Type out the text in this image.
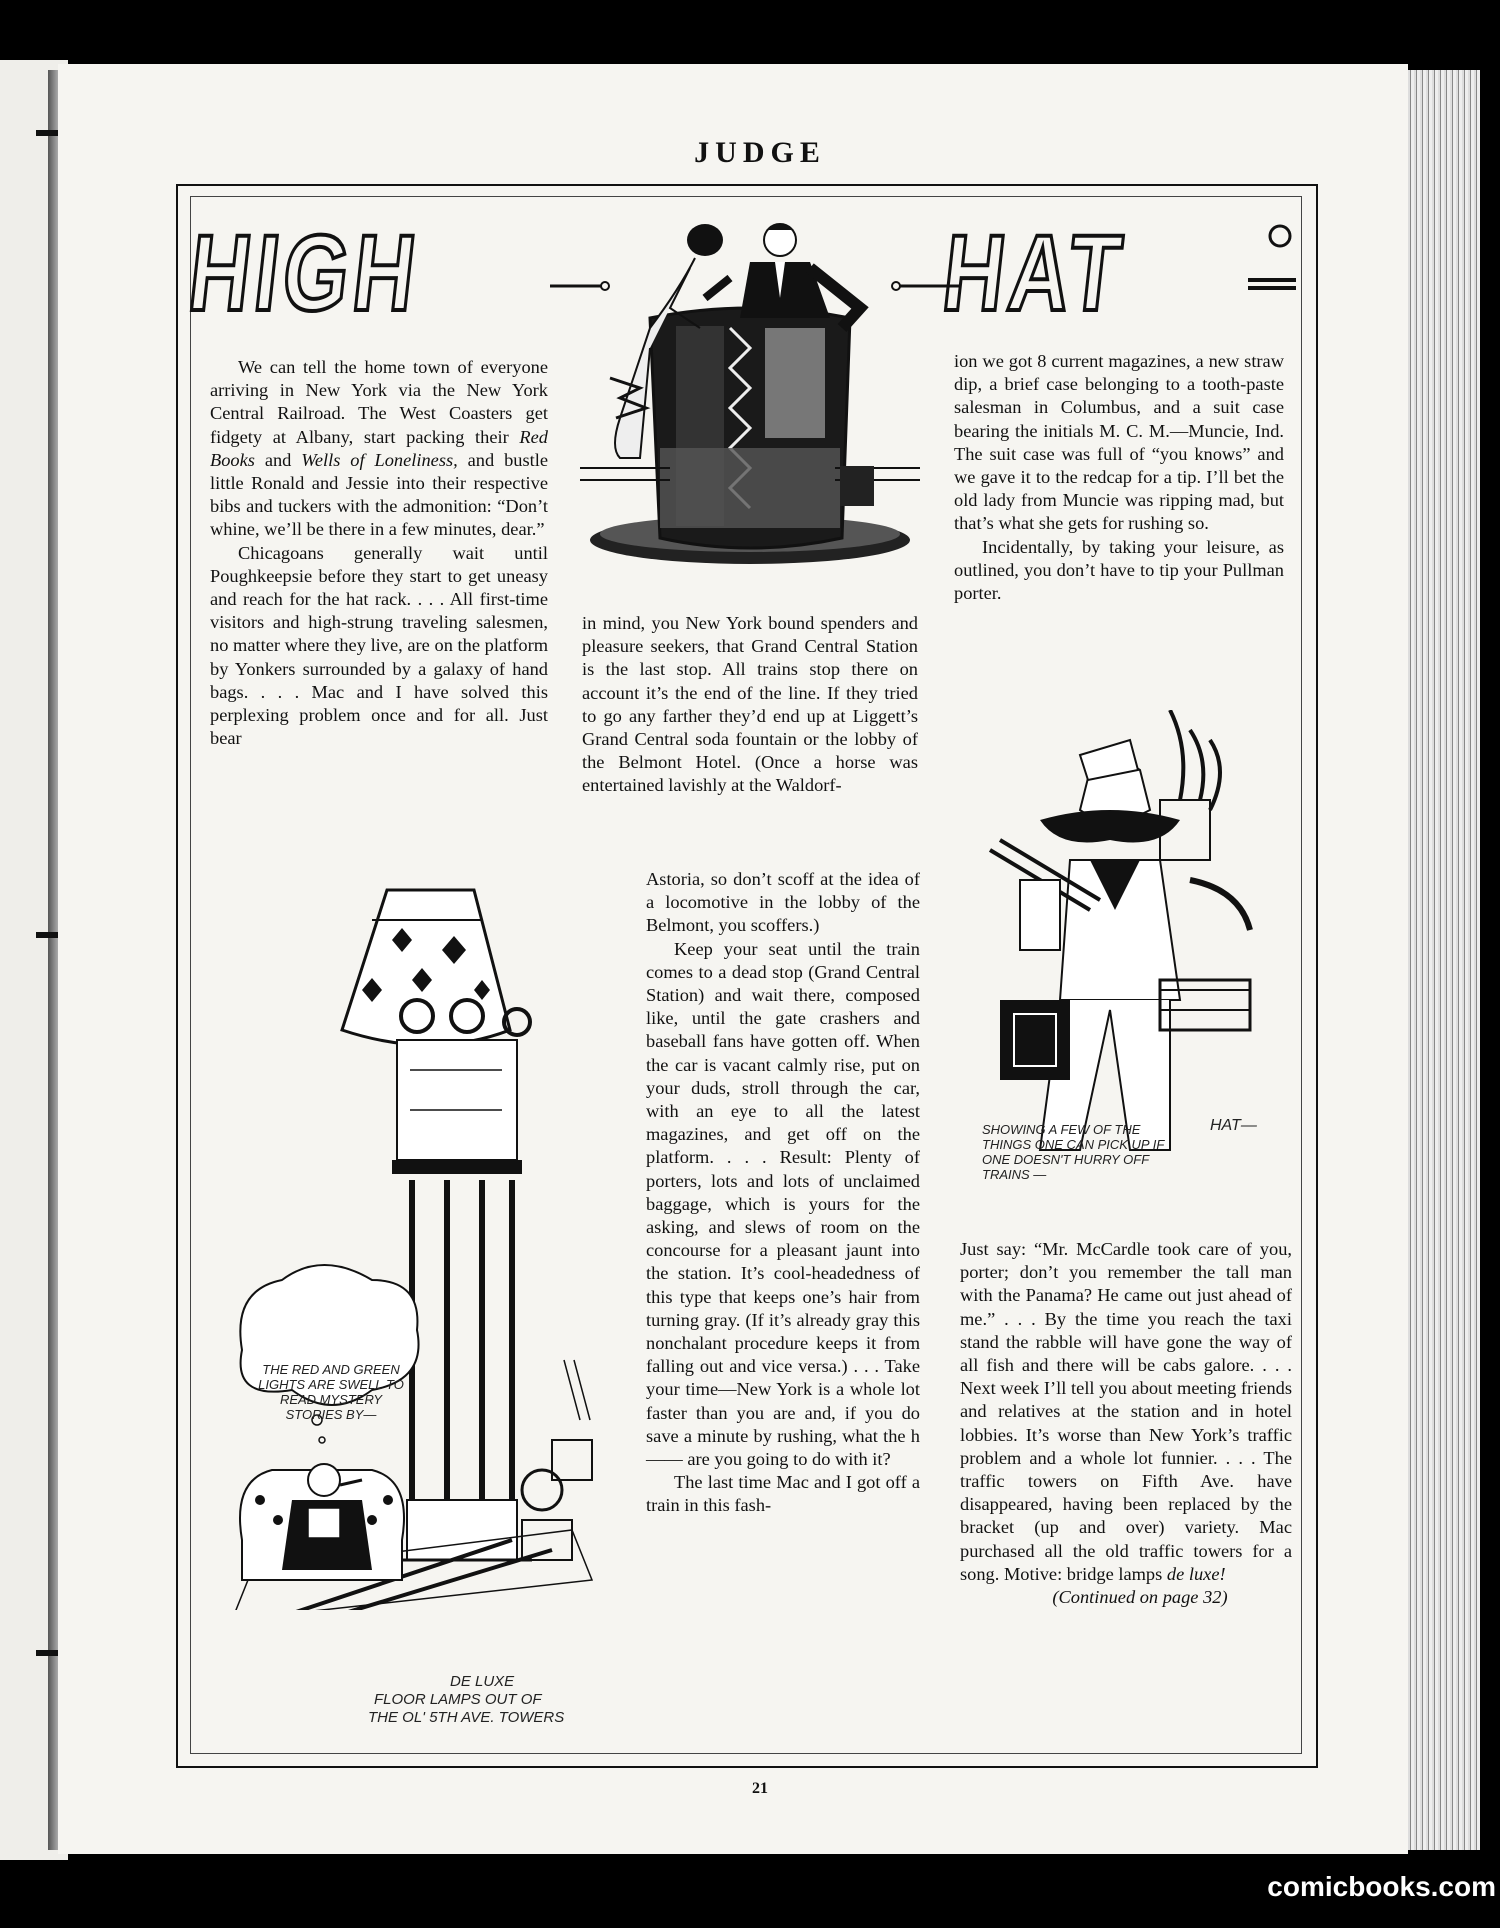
JUDGE
HIGH	HAT

We can tell the home town of everyone arriving in New York via the New York Central Railroad. The West Coasters get fidgety at Albany, start packing their Red Books and Wells of Loneliness, and bustle little Ronald and Jessie into their respective bibs and tuckers with the admonition: “Don’t whine, we’ll be there in a few minutes, dear.”

Chicagoans generally wait until Poughkeepsie before they start to get uneasy and reach for the hat rack. . . . All first-time visitors and high-strung traveling salesmen, no matter where they live, are on the platform by Yonkers surrounded by a galaxy of hand bags. . . . Mac and I have solved this perplexing problem once and for all. Just bear

in mind, you New York bound spenders and pleasure seekers, that Grand Central Station is the last stop. All trains stop there on account it’s the end of the line. If they tried to go any farther they’d end up at Liggett’s Grand Central soda fountain or the lobby of the Belmont Hotel. (Once a horse was entertained lavishly at the Waldorf-

Astoria, so don’t scoff at the idea of a locomotive in the lobby of the Belmont, you scoffers.)

Keep your seat until the train comes to a dead stop (Grand Central Station) and wait there, composed like, until the gate crashers and baseball fans have gotten off. When the car is vacant calmly rise, put on your duds, stroll through the car, with an eye to all the latest magazines, and get off on the platform. . . . Result: Plenty of porters, lots and lots of unclaimed baggage, which is yours for the asking, and slews of room on the concourse for a pleasant jaunt into the station. It’s cool-headedness of this type that keeps one’s hair from turning gray. (If it’s already gray this nonchalant procedure keeps it from falling out and vice versa.) . . . Take your time—New York is a whole lot faster than you are and, if you do save a minute by rushing, what the h—— are you going to do with it?

The last time Mac and I got off a train in this fash-

ion we got 8 current magazines, a new straw dip, a brief case belonging to a tooth-paste salesman in Columbus, and a suit case bearing the initials M. C. M.—Muncie, Ind. The suit case was full of “you knows” and we gave it to the redcap for a tip. I’ll bet the old lady from Muncie was ripping mad, but that’s what she gets for rushing so.

Incidentally, by taking your leisure, as outlined, you don’t have to tip your Pullman porter.

Just say: “Mr. McCardle took care of you, porter; don’t you remember the tall man with the Panama? He came out just ahead of me.” . . . By the time you reach the taxi stand the rabble will have gone the way of all fish and there will be cabs galore. . . . Next week I’ll tell you about meeting friends and relatives at the station and in hotel lobbies. It’s worse than New York’s traffic problem and a whole lot funnier. . . . The traffic towers on Fifth Ave. have disappeared, having been replaced by the bracket (up and over) variety. Mac purchased all the old traffic towers for a song. Motive: bridge lamps de luxe!

(Continued on page 32)

THE RED AND GREEN LIGHTS ARE SWELL TO READ MYSTERY STORIES BY—
DE LUXE
FLOOR LAMPS OUT OF
THE OL' 5TH AVE. TOWERS
SHOWING A FEW OF THE THINGS ONE CAN PICK UP IF ONE DOESN'T HURRY OFF TRAINS —
HAT—
21
comicbooks.com
